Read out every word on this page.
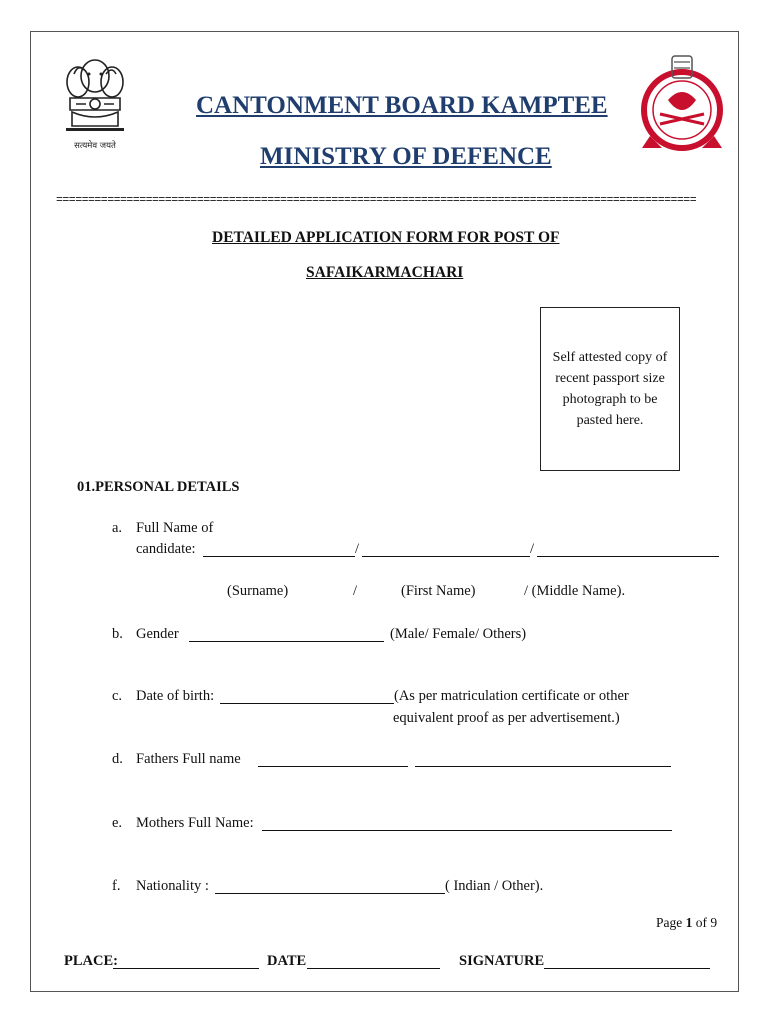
सत्यमेव जयते
CANTONMENT BOARD KAMPTEE
MINISTRY OF DEFENCE
====================================================================================================
DETAILED APPLICATION FORM FOR POST OF
SAFAIKARMACHARI
Self attested copy of recent passport size photograph to be pasted here.
01.PERSONAL DETAILS
a. Full Name of
candidate:	/	/
(Surname)	/	(First Name)	/ (Middle Name).
b. Gender	(Male/ Female/ Others)
c. Date of birth:	(As per matriculation certificate or other
equivalent proof as per advertisement.)
d. Fathers Full name
e. Mothers Full Name:
f. Nationality :	( Indian / Other).
Page 1 of 9
PLACE:	DATE	SIGNATURE
